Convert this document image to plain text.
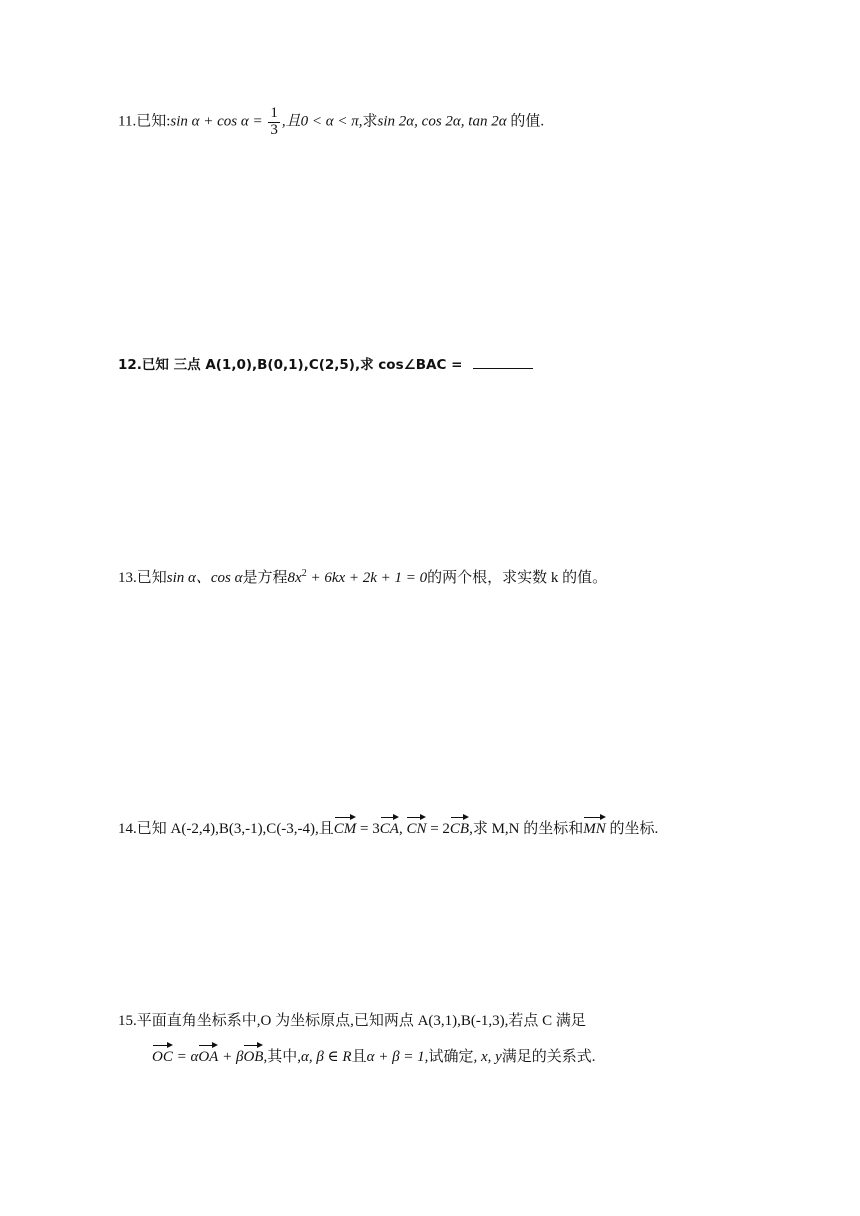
11.已知:sin $\alpha + \cos \alpha = \frac{1}{3}$ ,且0 < α < π,求sin 2α, cos 2α, tan 2α 的值.
12.已知 三点 A(1,0),B(0,1),C(2,5),求 cos∠BAC =
13.已知sin α、cos α是方程$8x^2 + 6kx + 2k + 1 = 0$的两个根，求实数 k 的值。
14.已知 A(-2,4),B(3,-1),C(-3,-4),且CM = 3CA, CN = 2CB,求 M,N 的坐标和MN 的坐标.
15.平面直角坐标系中,O 为坐标原点,已知两点 A(3,1),B(-1,3),若点 C 满足
OC = αOA + βOB,其中,α, β ∈ R且α + β = 1,试确定, x, y满足的关系式.
